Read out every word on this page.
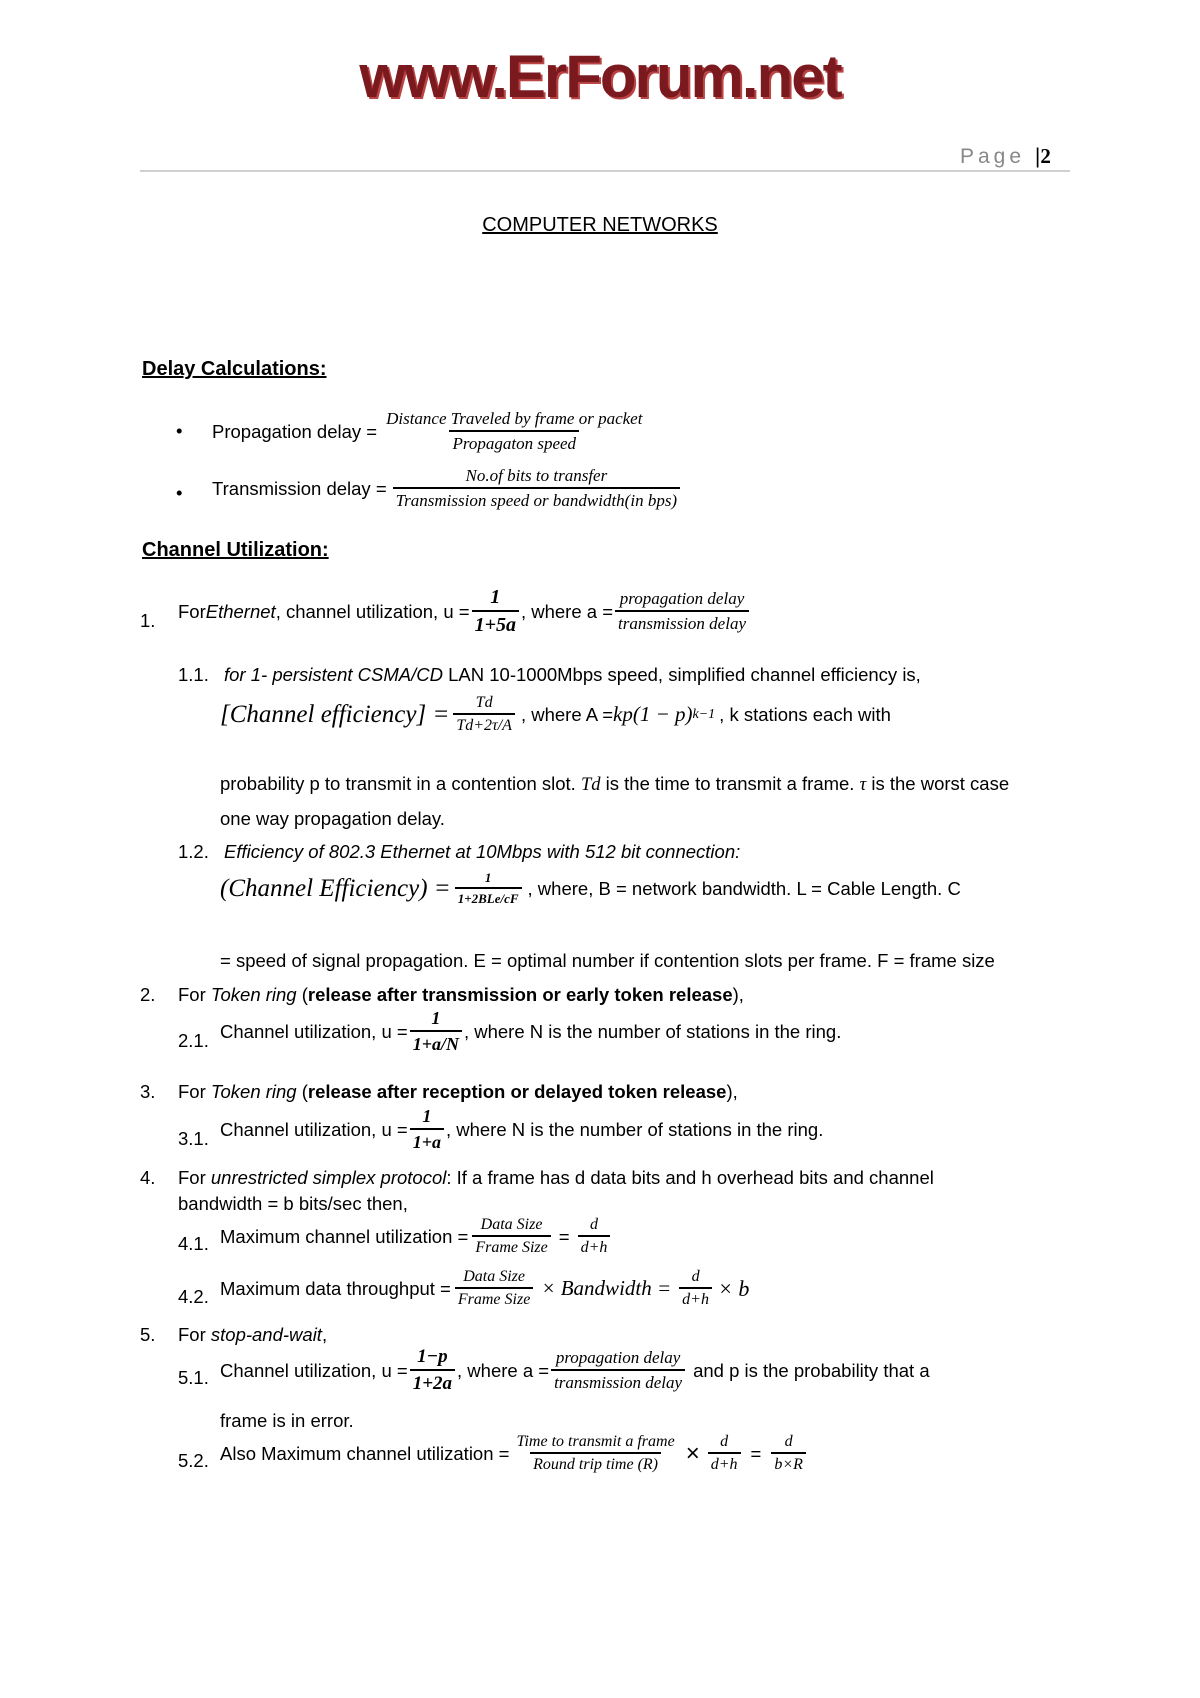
www.ErForum.net
Page |2
COMPUTER NETWORKS
Delay Calculations:
• Propagation delay = $\frac{\text{Distance Traveled by frame or packet}}{\text{Propagaton speed}}$
• Transmission delay = $\frac{\text{No.of bits to transfer}}{\text{Transmission speed or bandwidth(in bps)}}$
Channel Utilization:
1. For Ethernet , channel utilization, $u = \frac{1}{1+5a}$ , where $a = \frac{\text{propagation delay}}{\text{transmission delay}}$
1.1. for 1- persistent CSMA/CD LAN 10-1000Mbps speed, simplified channel efficiency is,
[Channel efficiency] = $\frac{Td}{Td+2\tau/A}$ , where A = kp(1 − p) k−1 , k stations each with
probability p to transmit in a contention slot. Td is the time to transmit a frame. τ is the worst case
one way propagation delay.
1.2. Efficiency of 802.3 Ethernet at 10Mbps with 512 bit connection:
(Channel Efficiency) = $\frac{1}{\text{1+2BLe/cF}}$ , where, B = network bandwidth. L = Cable Length. C
= speed of signal propagation. E = optimal number if contention slots per frame. F = frame size
2. For Token ring (release after transmission or early token release),
2.1. Channel utilization, $u = \frac{1}{1+a/N}$ , where N is the number of stations in the ring.
3. For Token ring (release after reception or delayed token release),
3.1. Channel utilization, $u = \frac{1}{1+a}$ , where N is the number of stations in the ring.
4. For unrestricted simplex protocol: If a frame has d data bits and h overhead bits and channel
bandwidth = b bits/sec then,
4.1. Maximum channel utilization = $\frac{\text{Data Size}}{\text{Frame Size}} = \frac{d}{d+h}$
4.2. Maximum data throughput = $\frac{\text{Data Size}}{\text{Frame Size}}$ × Bandwidth = $\frac{d}{d+h} \times b$
5. For stop-and-wait,
5.1. Channel utilization, $u = \frac{1-p}{1+2a}$ , where $a = \frac{\text{propagation delay}}{\text{transmission delay}}$ and p is the probability that a
frame is in error.
5.2. Also Maximum channel utilization = $\frac{\text{Time to transmit a frame}}{\text{Round trip time (R)}} \times \frac{d}{d+h} = \frac{d}{b\times R}$
